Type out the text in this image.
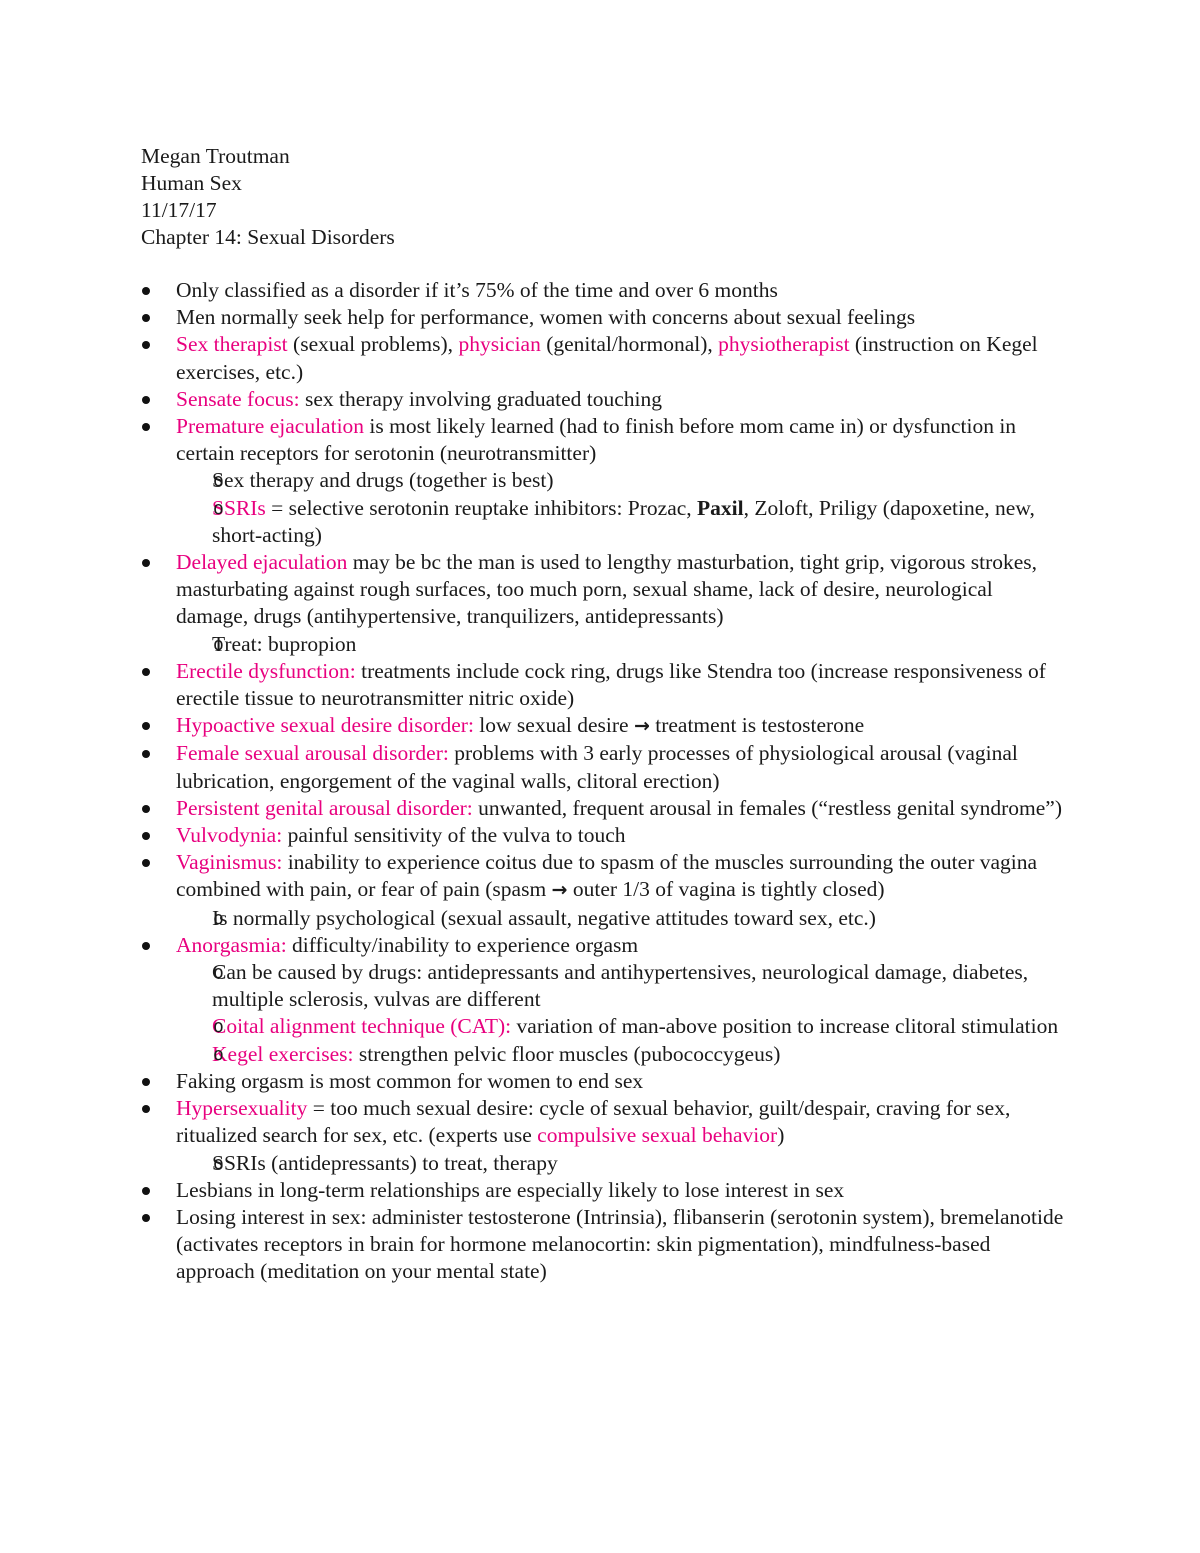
Megan Troutman
Human Sex
11/17/17
Chapter 14: Sexual Disorders
Only classified as a disorder if it’s 75% of the time and over 6 months
Men normally seek help for performance, women with concerns about sexual feelings
Sex therapist (sexual problems), physician (genital/hormonal), physiotherapist (instruction on Kegel exercises, etc.)
Sensate focus: sex therapy involving graduated touching
Premature ejaculation is most likely learned (had to finish before mom came in) or dysfunction in certain receptors for serotonin (neurotransmitter)
o Sex therapy and drugs (together is best)
o SSRIs = selective serotonin reuptake inhibitors: Prozac, Paxil, Zoloft, Priligy (dapoxetine, new, short-acting)
Delayed ejaculation may be bc the man is used to lengthy masturbation, tight grip, vigorous strokes, masturbating against rough surfaces, too much porn, sexual shame, lack of desire, neurological damage, drugs (antihypertensive, tranquilizers, antidepressants)
o Treat: bupropion
Erectile dysfunction: treatments include cock ring, drugs like Stendra too (increase responsiveness of erectile tissue to neurotransmitter nitric oxide)
Hypoactive sexual desire disorder: low sexual desire → treatment is testosterone
Female sexual arousal disorder: problems with 3 early processes of physiological arousal (vaginal lubrication, engorgement of the vaginal walls, clitoral erection)
Persistent genital arousal disorder: unwanted, frequent arousal in females (“restless genital syndrome”)
Vulvodynia: painful sensitivity of the vulva to touch
Vaginismus: inability to experience coitus due to spasm of the muscles surrounding the outer vagina combined with pain, or fear of pain (spasm → outer 1/3 of vagina is tightly closed)
o Is normally psychological (sexual assault, negative attitudes toward sex, etc.)
Anorgasmia: difficulty/inability to experience orgasm
o Can be caused by drugs: antidepressants and antihypertensives, neurological damage, diabetes, multiple sclerosis, vulvas are different
o Coital alignment technique (CAT): variation of man-above position to increase clitoral stimulation
o Kegel exercises: strengthen pelvic floor muscles (pubococcygeus)
Faking orgasm is most common for women to end sex
Hypersexuality = too much sexual desire: cycle of sexual behavior, guilt/despair, craving for sex, ritualized search for sex, etc. (experts use compulsive sexual behavior)
o SSRIs (antidepressants) to treat, therapy
Lesbians in long-term relationships are especially likely to lose interest in sex
Losing interest in sex: administer testosterone (Intrinsia), flibanserin (serotonin system), bremelanotide (activates receptors in brain for hormone melanocortin: skin pigmentation), mindfulness-based approach (meditation on your mental state)
